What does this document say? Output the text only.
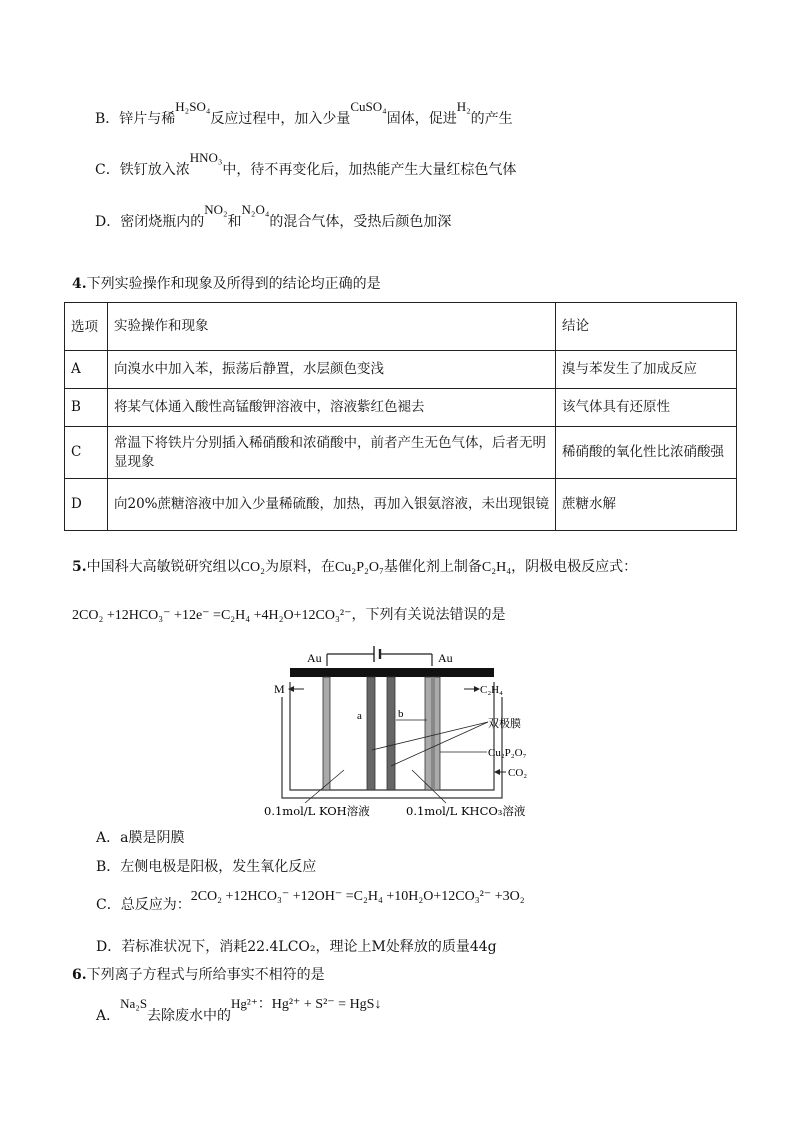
B．锌片与稀H₂SO₄反应过程中，加入少量CuSO₄固体，促进H₂的产生
C．铁钉放入浓HNO₃中，待不再变化后，加热能产生大量红棕色气体
D．密闭烧瓶内的NO₂和N₂O₄的混合气体，受热后颜色加深
4.下列实验操作和现象及所得到的结论均正确的是
选项	实验操作和现象	结论
A	向溴水中加入苯，振荡后静置，水层颜色变浅	溴与苯发生了加成反应
B	将某气体通入酸性高锰酸钾溶液中，溶液紫红色褪去	该气体具有还原性
C	常温下将铁片分别插入稀硝酸和浓硝酸中，前者产生无色气体，后者无明显现象	稀硝酸的氧化性比浓硝酸强
D	向20%蔗糖溶液中加入少量稀硫酸，加热，再加入银氨溶液，未出现银镜	蔗糖水解
5.中国科大高敏锐研究组以CO₂为原料，在Cu₂P₂O₇基催化剂上制备C₂H₄，阴极电极反应式：
2CO₂ +12HCO₃⁻ +12e⁻ =C₂H₄ +4H₂O+12CO₃²⁻，下列有关说法错误的是
Au	Au
a	b
M	C₂H₄
双极膜
Cu₂P₂O₇
CO₂
0.1mol/L KOH溶液	0.1mol/L KHCO₃溶液
A．a膜是阴膜
B．左侧电极是阳极，发生氧化反应
C．总反应为：2CO₂ +12HCO₃⁻ +12OH⁻ =C₂H₄ +10H₂O+12CO₃²⁻ +3O₂
D．若标准状况下，消耗22.4LCO₂，理论上M处释放的质量44g
6.下列离子方程式与所给事实不相符的是
A．Na₂S去除废水中的Hg²⁺：Hg²⁺ + S²⁻ = HgS↓
